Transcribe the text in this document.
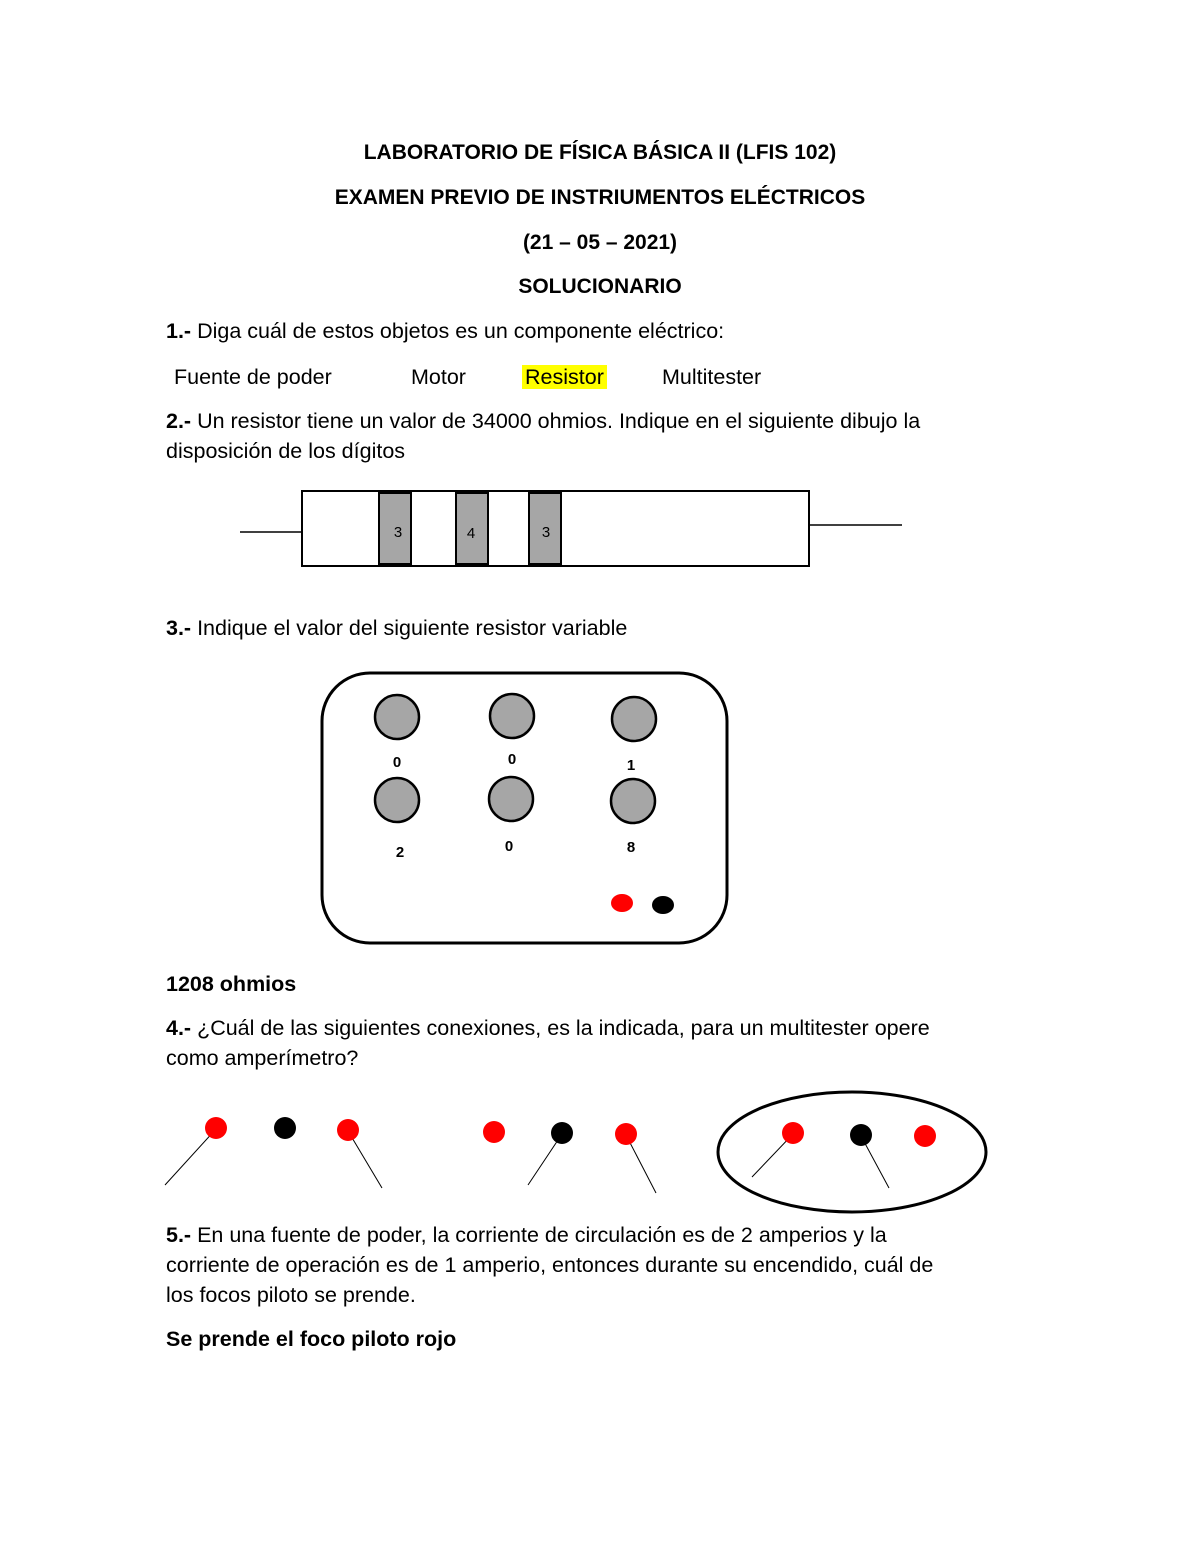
LABORATORIO DE FÍSICA BÁSICA II (LFIS 102)
EXAMEN PREVIO DE INSTRIUMENTOS ELÉCTRICOS
(21 – 05 – 2021)
SOLUCIONARIO
1.- Diga cuál de estos objetos es un componente eléctrico:
Fuente de poder	Motor	Resistor	Multitester
2.- Un resistor tiene un valor de 34000 ohmios. Indique en el siguiente dibujo la
disposición de los dígitos
3	4	3
0	0	1
2	0	8
3.- Indique el valor del siguiente resistor variable
1208 ohmios
4.- ¿Cuál de las siguientes conexiones, es la indicada, para un multitester opere
como amperímetro?
5.- En una fuente de poder, la corriente de circulación es de 2 amperios y la
corriente de operación es de 1 amperio, entonces durante su encendido, cuál de
los focos piloto se prende.
Se prende el foco piloto rojo
